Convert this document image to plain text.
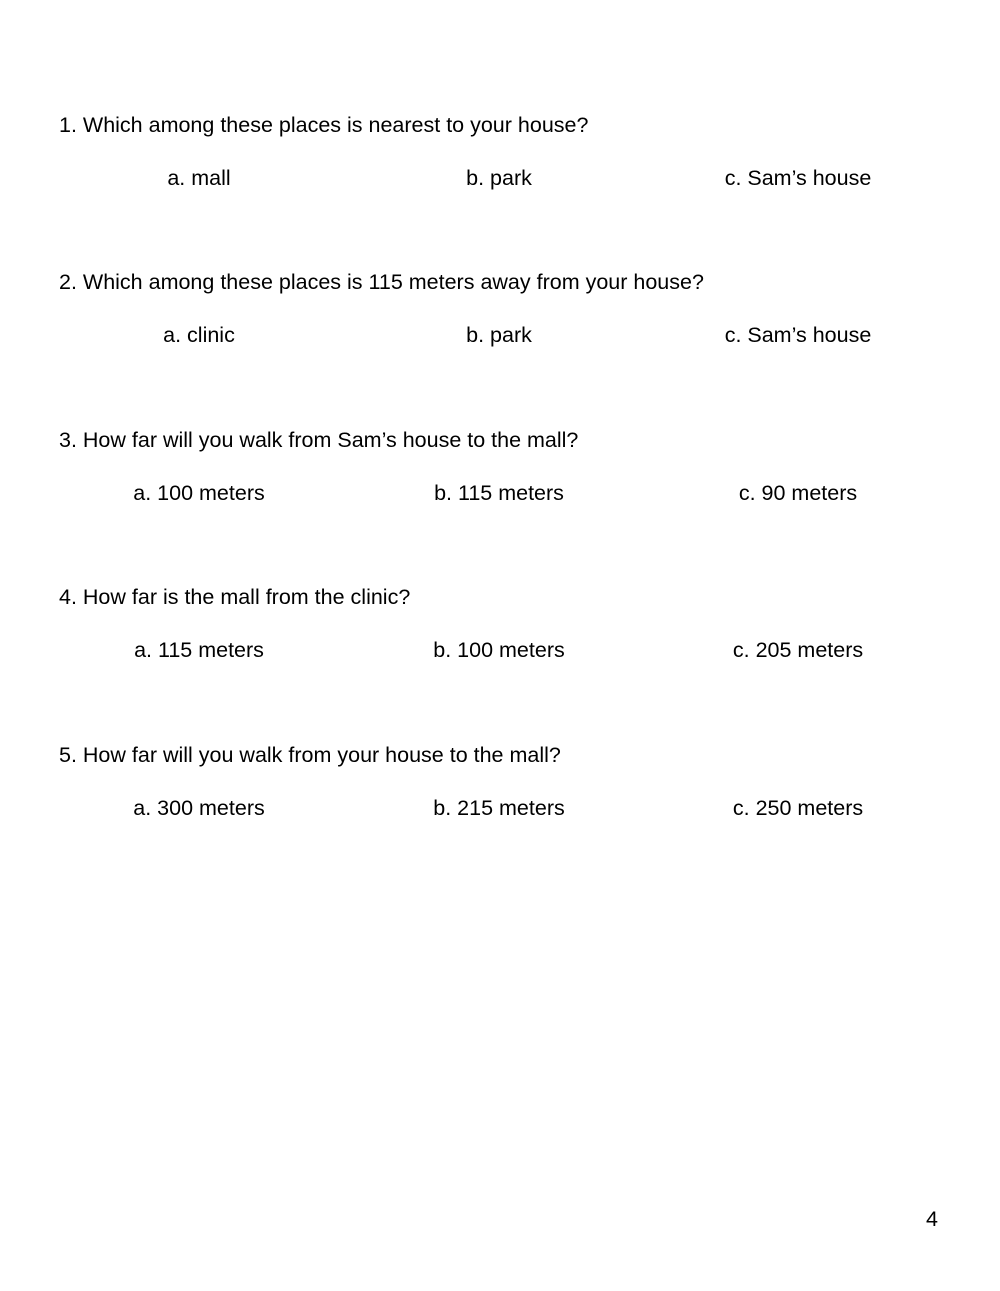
1. Which among these places is nearest to your house?
a. mall	b. park	c. Sam’s house
2. Which among these places is 115 meters away from your house?
a. clinic	b. park	c. Sam’s house
3. How far will you walk from Sam’s house to the mall?
a. 100 meters	b. 115 meters	c. 90 meters
4. How far is the mall from the clinic?
a. 115 meters	b. 100 meters	c. 205 meters
5. How far will you walk from your house to the mall?
a. 300 meters	b. 215 meters	c. 250 meters
4
